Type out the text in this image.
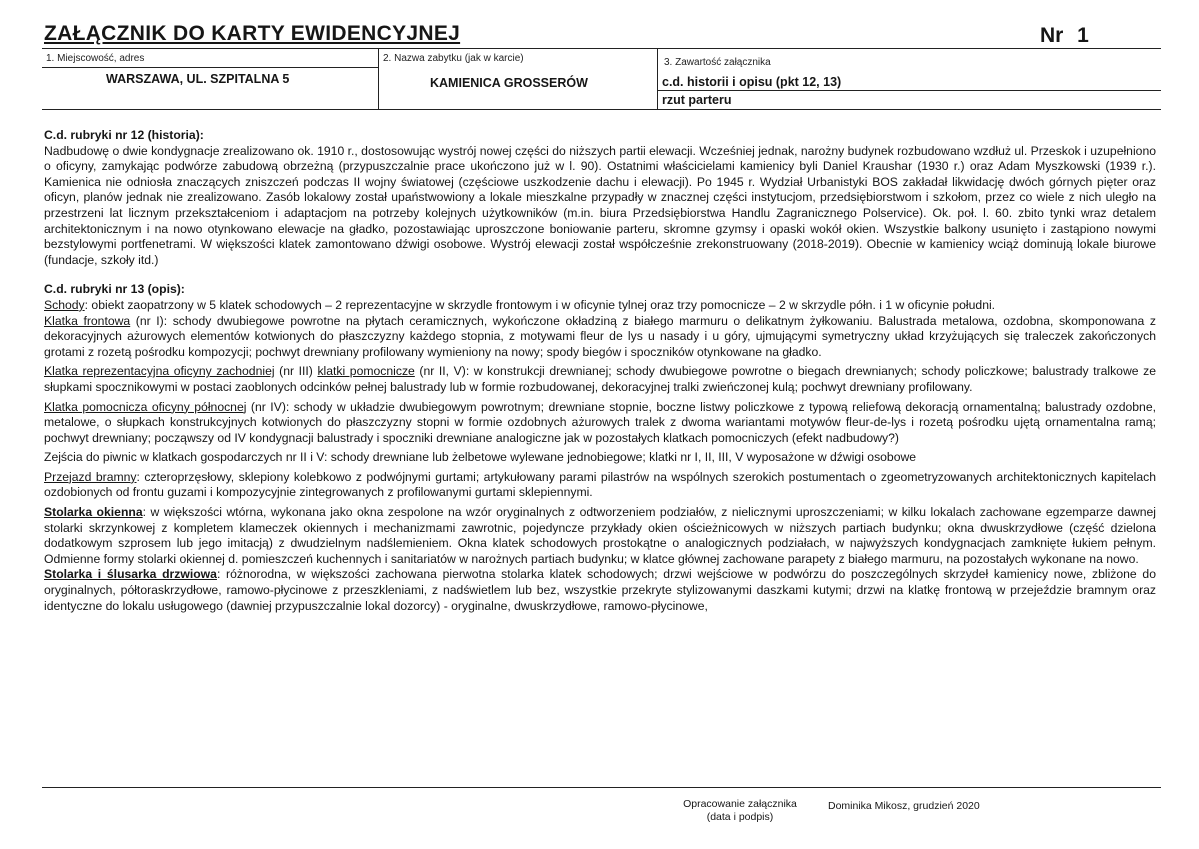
ZAŁĄCZNIK DO KARTY EWIDENCYJNEJ	Nr 1
1. Miejscowość, adres
WARSZAWA, UL. SZPITALNA 5
2. Nazwa zabytku (jak w karcie)
KAMIENICA GROSSERÓW
3. Zawartość załącznika
c.d. historii i opisu (pkt 12, 13)
rzut parteru

C.d. rubryki nr 12 (historia):

Nadbudowę o dwie kondygnacje zrealizowano ok. 1910 r., dostosowując wystrój nowej części do niższych partii elewacji. Wcześniej jednak, narożny budynek rozbudowano wzdłuż ul. Przeskok i uzupełniono o oficyny, zamykając podwórze zabudową obrzeżną (przypuszczalnie prace ukończono już w l. 90). Ostatnimi właścicielami kamienicy byli Daniel Kraushar (1930 r.) oraz Adam Myszkowski (1939 r.). Kamienica nie odniosła znaczących zniszczeń podczas II wojny światowej (częściowe uszkodzenie dachu i elewacji). Po 1945 r. Wydział Urbanistyki BOS zakładał likwidację dwóch górnych pięter oraz oficyn, planów jednak nie zrealizowano. Zasób lokalowy został upaństwowiony a lokale mieszkalne przypadły w znacznej części instytucjom, przedsiębiorstwom i szkołom, przez co wiele z nich uległo na przestrzeni lat licznym przekształceniom i adaptacjom na potrzeby kolejnych użytkowników (m.in. biura Przedsiębiorstwa Handlu Zagranicznego Polservice). Ok. poł. l. 60. zbito tynki wraz detalem architektonicznym i na nowo otynkowano elewacje na gładko, pozostawiając uproszczone boniowanie parteru, skromne gzymsy i opaski wokół okien. Wszystkie balkony usunięto i zastąpiono nowymi bezstylowymi portfenetrami. W większości klatek zamontowano dźwigi osobowe. Wystrój elewacji został współcześnie zrekonstruowany (2018-2019). Obecnie w kamienicy wciąż dominują lokale biurowe (fundacje, szkoły itd.)

C.d. rubryki nr 13 (opis):

Schody: obiekt zaopatrzony w 5 klatek schodowych – 2 reprezentacyjne w skrzydle frontowym i w oficynie tylnej oraz trzy pomocnicze – 2 w skrzydle półn. i 1 w oficynie południ.

Klatka frontowa (nr I): schody dwubiegowe powrotne na płytach ceramicznych, wykończone okładziną z białego marmuru o delikatnym żyłkowaniu. Balustrada metalowa, ozdobna, skomponowana z dekoracyjnych ażurowych elementów kotwionych do płaszczyzny każdego stopnia, z motywami fleur de lys u nasady i u góry, ujmującymi symetryczny układ krzyżujących się traleczek zakończonych grotami z rozetą pośrodku kompozycji; pochwyt drewniany profilowany wymieniony na nowy; spody biegów i spoczników otynkowane na gładko.

Klatka reprezentacyjna oficyny zachodniej (nr III) klatki pomocnicze (nr II, V): w konstrukcji drewnianej; schody dwubiegowe powrotne o biegach drewnianych; schody policzkowe; balustrady tralkowe ze słupkami spocznikowymi w postaci zaoblonych odcinków pełnej balustrady lub w formie rozbudowanej, dekoracyjnej tralki zwieńczonej kulą; pochwyt drewniany profilowany.

Klatka pomocnicza oficyny północnej (nr IV): schody w układzie dwubiegowym powrotnym; drewniane stopnie, boczne listwy policzkowe z typową reliefową dekoracją ornamentalną; balustrady ozdobne, metalowe, o słupkach konstrukcyjnych kotwionych do płaszczyzny stopni w formie ozdobnych ażurowych tralek z dwoma wariantami motywów fleur-de-lys i rozetą pośrodku ujętą ornamentalna ramą; pochwyt drewniany; począwszy od IV kondygnacji balustrady i spoczniki drewniane analogiczne jak w pozostałych klatkach pomocniczych (efekt nadbudowy?)

Zejścia do piwnic w klatkach gospodarczych nr II i V: schody drewniane lub żelbetowe wylewane jednobiegowe; klatki nr I, II, III, V wyposażone w dźwigi osobowe

Przejazd bramny: czteroprzęsłowy, sklepiony kolebkowo z podwójnymi gurtami; artykułowany parami pilastrów na wspólnych szerokich postumentach o zgeometryzowanych architektonicznych kapitelach ozdobionych od frontu guzami i kompozycyjnie zintegrowanych z profilowanymi gurtami sklepiennymi.

Stolarka okienna: w większości wtórna, wykonana jako okna zespolone na wzór oryginalnych z odtworzeniem podziałów, z nielicznymi uproszczeniami; w kilku lokalach zachowane egzemparze dawnej stolarki skrzynkowej z kompletem klameczek okiennych i mechanizmami zawrotnic, pojedyncze przykłady okien ościeżnicowych w niższych partiach budynku; okna dwuskrzydłowe (część dzielona dodatkowym szprosem lub jego imitacją) z dwudzielnym nadślemieniem. Okna klatek schodowych prostokątne o analogicznych podziałach, w najwyższych kondygnacjach zamknięte łukiem pełnym. Odmienne formy stolarki okiennej d. pomieszczeń kuchennych i sanitariatów w narożnych partiach budynku; w klatce głównej zachowane parapety z białego marmuru, na pozostałych wykonane na nowo.

Stolarka i ślusarka drzwiowa: różnorodna, w większości zachowana pierwotna stolarka klatek schodowych; drzwi wejściowe w podwórzu do poszczególnych skrzydeł kamienicy nowe, zbliżone do oryginalnych, półtoraskrzydłowe, ramowo-płycinowe z przeszkleniami, z nadświetlem lub bez, wszystkie przekryte stylizowanymi daszkami kutymi; drzwi na klatkę frontową w przejeździe bramnym oraz identyczne do lokalu usługowego (dawniej przypuszczalnie lokal dozorcy) - oryginalne, dwuskrzydłowe, ramowo-płycinowe,

Opracowanie załącznika
(data i podpis)
Dominika Mikosz, grudzień 2020
